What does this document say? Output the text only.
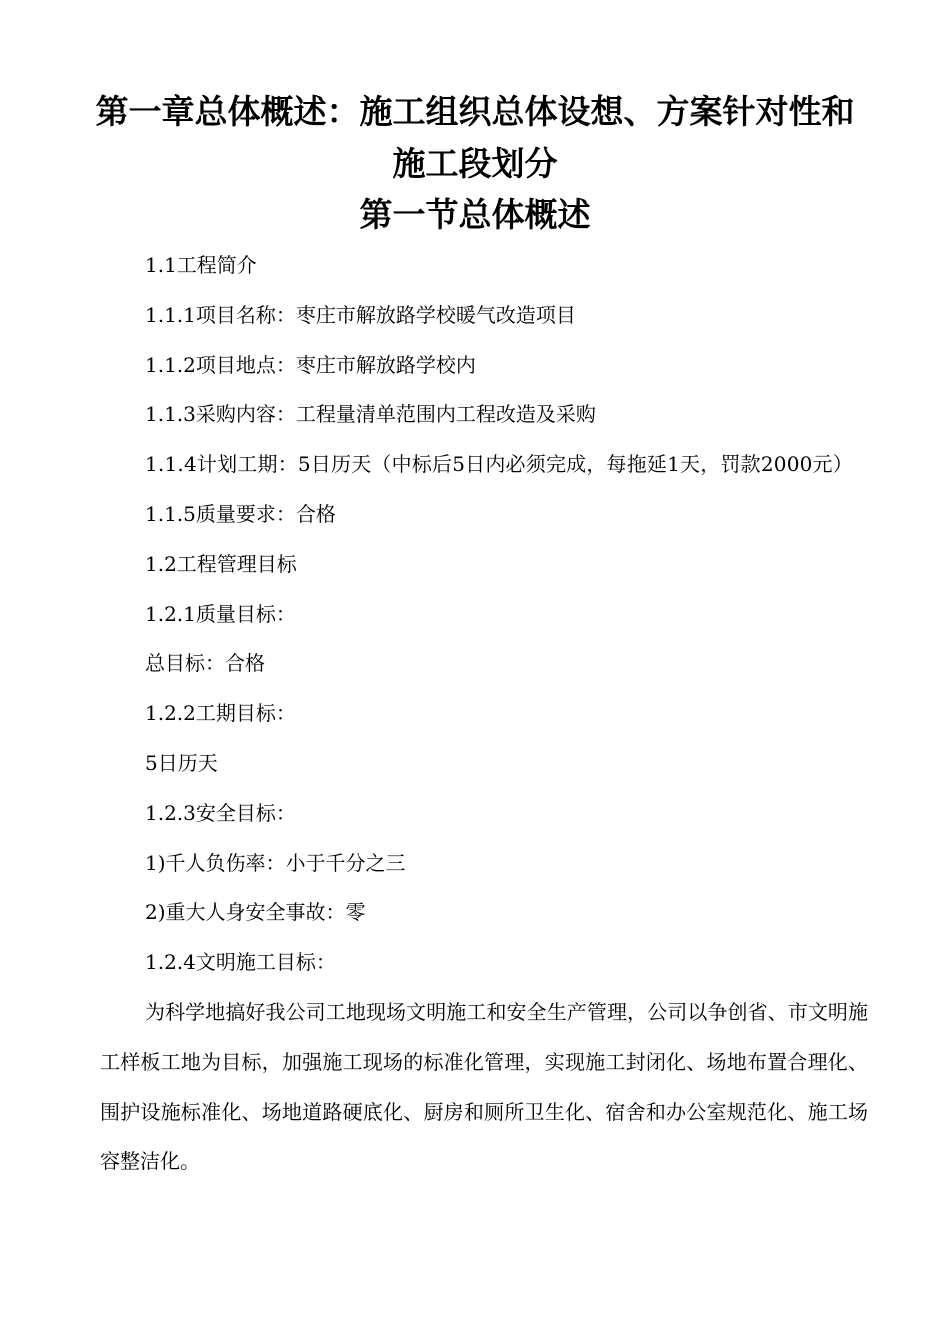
第一章总体概述：施工组织总体设想、方案针对性和施工段划分
第一节总体概述

1.1工程简介

1.1.1项目名称：枣庄市解放路学校暖气改造项目

1.1.2项目地点：枣庄市解放路学校内

1.1.3采购内容：工程量清单范围内工程改造及采购

1.1.4计划工期：5日历天（中标后5日内必须完成，每拖延1天，罚款2000元）

1.1.5质量要求：合格

1.2工程管理目标

1.2.1质量目标：

总目标：合格

1.2.2工期目标：

5日历天

1.2.3安全目标：

1)千人负伤率：小于千分之三

2)重大人身安全事故：零

1.2.4文明施工目标：

为科学地搞好我公司工地现场文明施工和安全生产管理，公司以争创省、市文明施工样板工地为目标，加强施工现场的标准化管理，实现施工封闭化、场地布置合理化、围护设施标准化、场地道路硬底化、厨房和厕所卫生化、宿舍和办公室规范化、施工场容整洁化。
